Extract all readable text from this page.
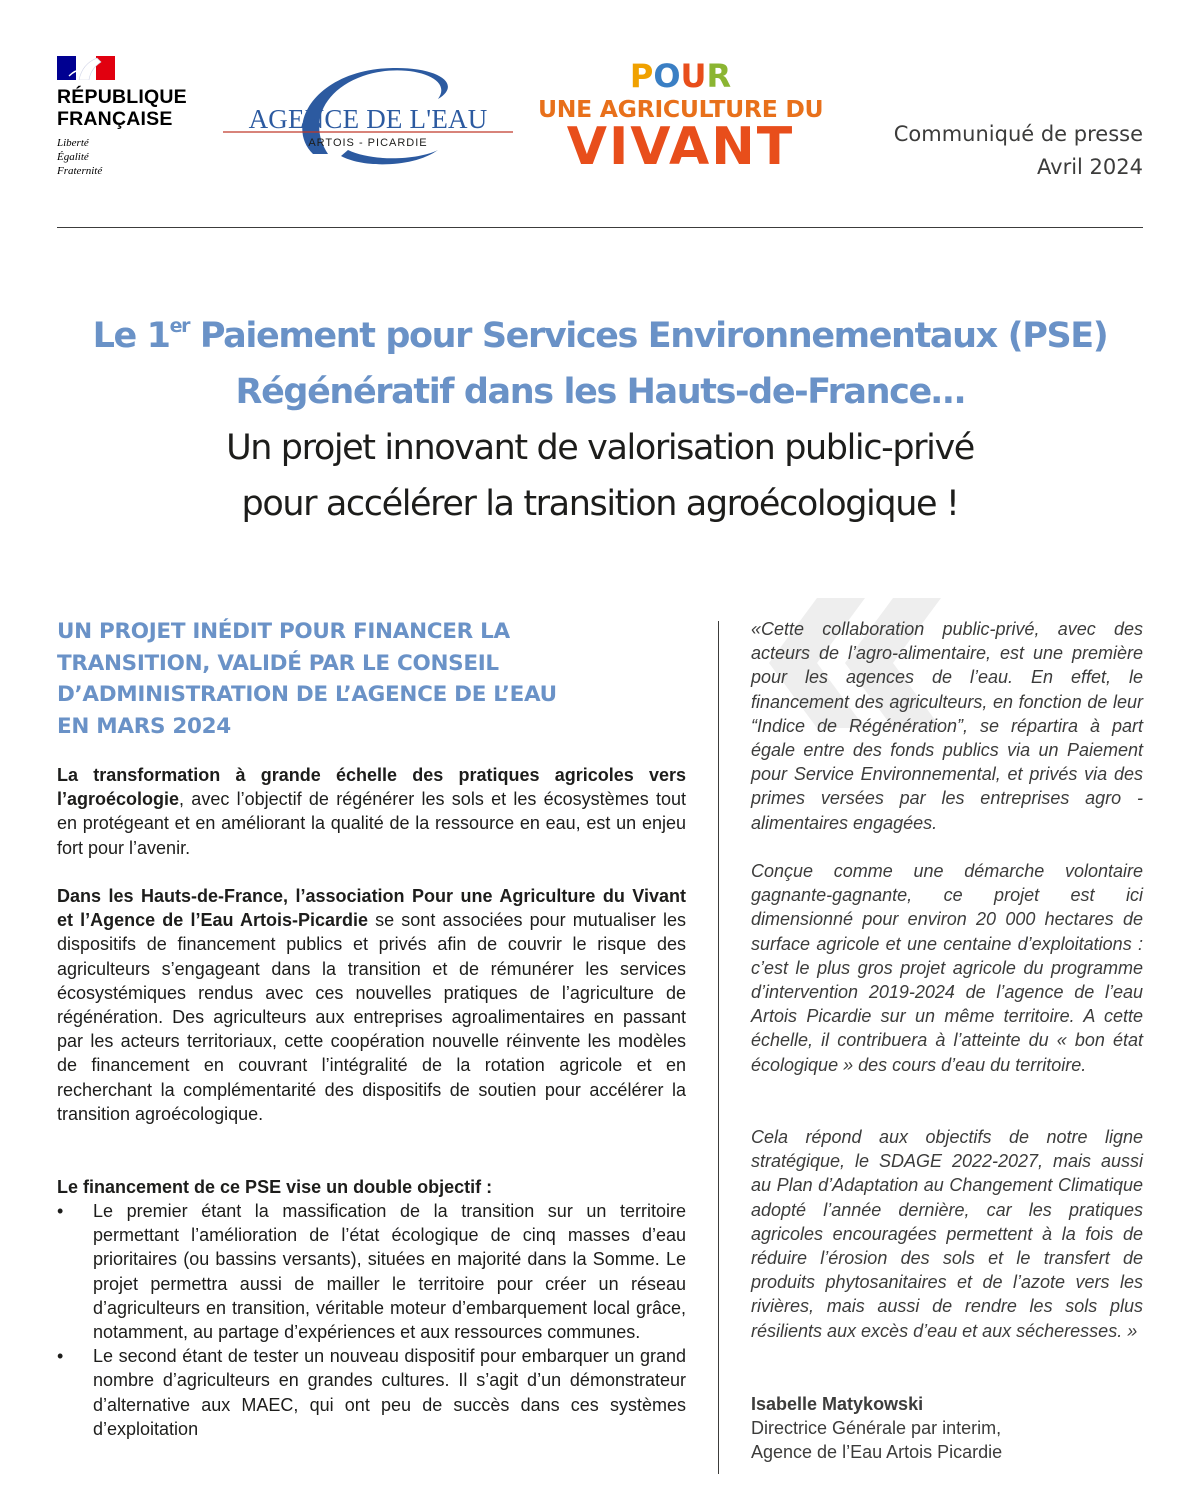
RÉPUBLIQUE
FRANÇAISE
Liberté
Égalité
Fraternité
AGENCE DE L'EAU
ARTOIS - PICARDIE
POUR
UNE AGRICULTURE DU
VIVANT	Communiqué de presse
Avril 2024
Le 1er Paiement pour Services Environnementaux (PSE)
Régénératif dans les Hauts-de-France…
Un projet innovant de valorisation public-privé
pour accélérer la transition agroécologique !
UN PROJET INÉDIT POUR FINANCER LA
TRANSITION, VALIDÉ PAR LE CONSEIL
D’ADMINISTRATION DE L’AGENCE DE L’EAU
EN MARS 2024

La transformation à grande échelle des pratiques agricoles vers l’agroécologie, avec l’objectif de régénérer les sols et les écosystèmes tout en protégeant et en améliorant la qualité de la ressource en eau, est un enjeu fort pour l’avenir.

Dans les Hauts-de-France, l’association Pour une Agriculture du Vivant et l’Agence de l’Eau Artois-Picardie se sont associées pour mutualiser les dispositifs de financement publics et privés afin de couvrir le risque des agriculteurs s’engageant dans la transition et de rémunérer les services écosystémiques rendus avec ces nouvelles pratiques de l’agriculture de régénération. Des agriculteurs aux entreprises agroalimentaires en passant par les acteurs territoriaux, cette coopération nouvelle réinvente les modèles de financement en couvrant l’intégralité de la rotation agricole et en recherchant la complémentarité des dispositifs de soutien pour accélérer la transition agroécologique.

Le financement de ce PSE vise un double objectif :

• Le premier étant la massification de la transition sur un territoire permettant l’amélioration de l’état écologique de cinq masses d’eau prioritaires (ou bassins versants), situées en majorité dans la Somme. Le projet permettra aussi de mailler le territoire pour créer un réseau d’agriculteurs en transition, véritable moteur d’embarquement local grâce, notamment, au partage d’expériences et aux ressources communes.
• Le second étant de tester un nouveau dispositif pour embarquer un grand nombre d’agriculteurs en grandes cultures. Il s’agit d’un démonstrateur d’alternative aux MAEC, qui ont peu de succès dans ces systèmes d’exploitation

«Cette collaboration public-privé, avec des acteurs de l’agro-alimentaire, est une première pour les agences de l’eau. En effet, le financement des agriculteurs, en fonction de leur “Indice de Régénération”, se répartira à part égale entre des fonds publics via un Paiement pour Service Environnemental, et privés via des primes versées par les entreprises agro -alimentaires engagées.

Conçue comme une démarche volontaire gagnante-gagnante, ce projet est ici dimensionné pour environ 20 000 hectares de surface agricole et une centaine d’exploitations : c’est le plus gros projet agricole du programme d’intervention 2019-2024 de l’agence de l’eau Artois Picardie sur un même territoire. A cette échelle, il contribuera à l’atteinte du « bon état écologique » des cours d’eau du territoire.

Cela répond aux objectifs de notre ligne stratégique, le SDAGE 2022-2027, mais aussi au Plan d’Adaptation au Changement Climatique adopté l’année dernière, car les pratiques agricoles encouragées permettent à la fois de réduire l’érosion des sols et le transfert de produits phytosanitaires et de l’azote vers les rivières, mais aussi de rendre les sols plus résilients aux excès d’eau et aux sécheresses. »

Isabelle Matykowski
Directrice Générale par interim,
Agence de l’Eau Artois Picardie
